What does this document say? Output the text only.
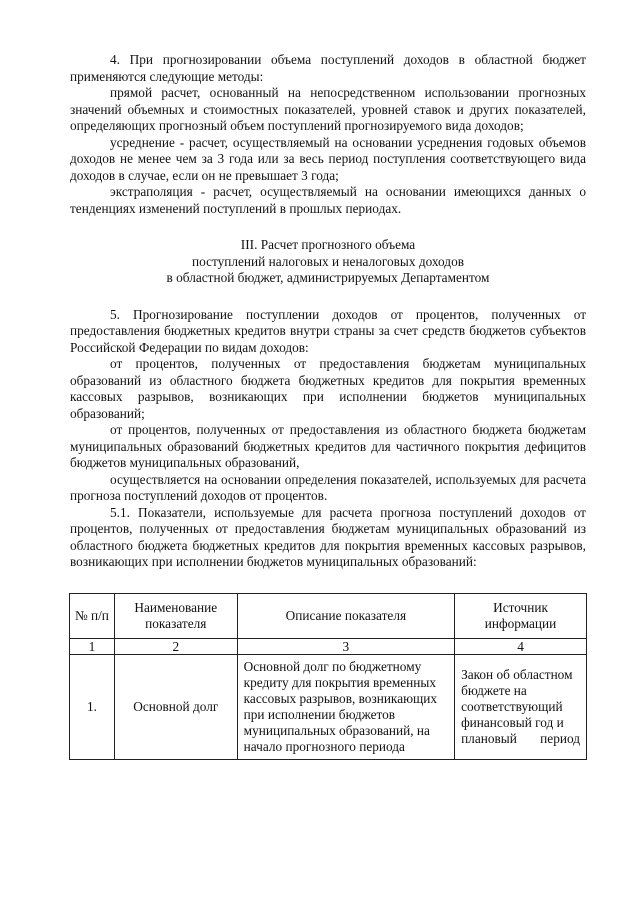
4. При прогнозировании объема поступлений доходов в областной бюджет применяются следующие методы:

прямой расчет, основанный на непосредственном использовании прогнозных значений объемных и стоимостных показателей, уровней ставок и других показателей, определяющих прогнозный объем поступлений прогнозируемого вида доходов;

усреднение - расчет, осуществляемый на основании усреднения годовых объемов доходов не менее чем за 3 года или за весь период поступления соответствующего вида доходов в случае, если он не превышает 3 года;

экстраполяция - расчет, осуществляемый на основании имеющихся данных о тенденциях изменений поступлений в прошлых периодах.

III. Расчет прогнозного объема
поступлений налоговых и неналоговых доходов
в областной бюджет, администрируемых Департаментом

5. Прогнозирование поступлении доходов от процентов, полученных от предоставления бюджетных кредитов внутри страны за счет средств бюджетов субъектов Российской Федерации по видам доходов:

от процентов, полученных от предоставления бюджетам муниципальных образований из областного бюджета бюджетных кредитов для покрытия временных кассовых разрывов, возникающих при исполнении бюджетов муниципальных образований;

от процентов, полученных от предоставления из областного бюджета бюджетам муниципальных образований бюджетных кредитов для частичного покрытия дефицитов бюджетов муниципальных образований,

осуществляется на основании определения показателей, используемых для расчета прогноза поступлений доходов от процентов.

5.1. Показатели, используемые для расчета прогноза поступлений доходов от процентов, полученных от предоставления бюджетам муниципальных образований из областного бюджета бюджетных кредитов для покрытия временных кассовых разрывов, возникающих при исполнении бюджетов муниципальных образований:

№ п/п	Наименование показателя	Описание показателя	Источник информации
1	2	3	4
1.	Основной долг	Основной долг по бюджетному кредиту для покрытия временных кассовых разрывов, возникающих при исполнении бюджетов муниципальных образований, на начало прогнозного периода	Закон об областном бюджете на соответствующий финансовый год и плановый период
